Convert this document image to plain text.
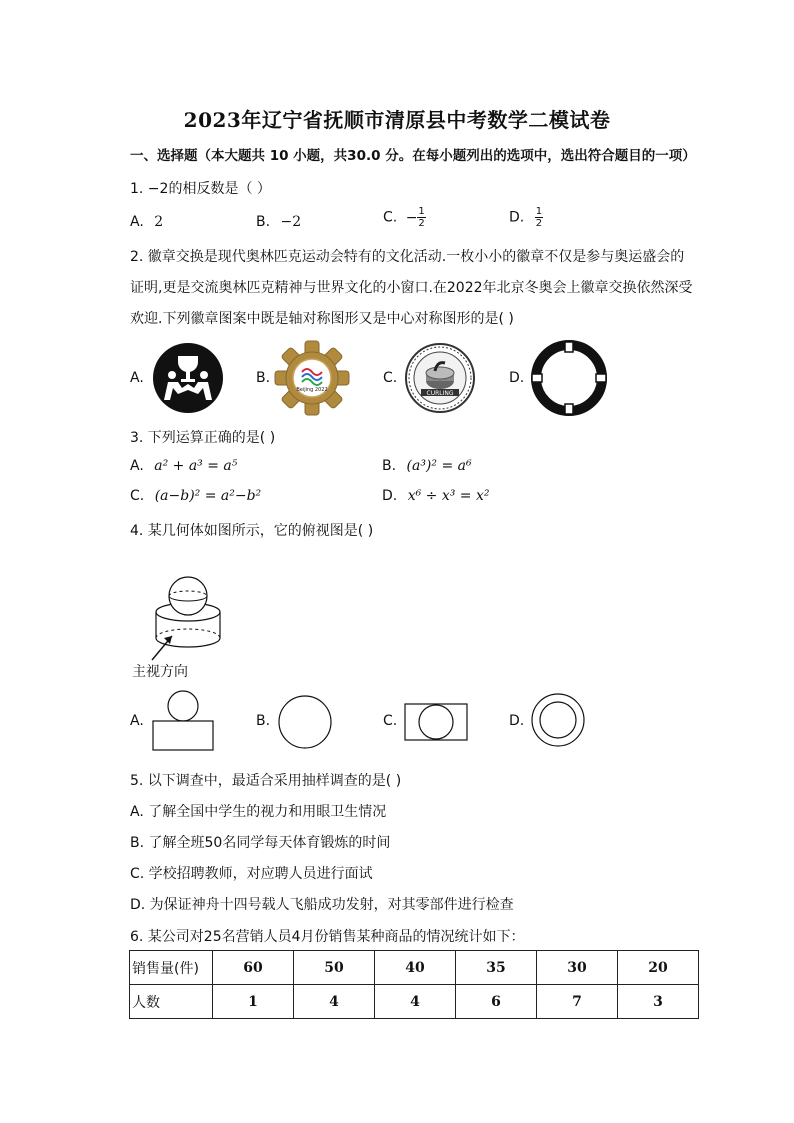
2023年辽宁省抚顺市清原县中考数学二模试卷
一、选择题（本大题共 10 小题，共30.0 分。在每小题列出的选项中，选出符合题目的一项）
1. −2的相反数是（ ）
A. 2	B. −2	C. − $\frac{1}{2}$	D. $\frac{1}{2}$
2. 徽章交换是现代奥林匹克运动会特有的文化活动.一枚小小的徽章不仅是参与奥运盛会的
证明,更是交流奥林匹克精神与世界文化的小窗口.在2022年北京冬奥会上徽章交换依然深受
欢迎.下列徽章图案中既是轴对称图形又是中心对称图形的是( )
A.	B.
Beijing 2022
C.
CURLING
D.
3. 下列运算正确的是( )
A. a² + a³ = a⁵	B. (a³)² = a⁶
C. (a−b)² = a²−b²	D. x⁶ ÷ x³ = x²
4. 某几何体如图所示，它的俯视图是( )
主视方向
A.	B.	C.	D.
5. 以下调查中，最适合采用抽样调查的是( )
A. 了解全国中学生的视力和用眼卫生情况
B. 了解全班50名同学每天体育锻炼的时间
C. 学校招聘教师，对应聘人员进行面试
D. 为保证神舟十四号载人飞船成功发射，对其零部件进行检查
6. 某公司对25名营销人员4月份销售某种商品的情况统计如下：
销售量(件)	60	50	40	35	30	20
人数	1	4	4	6	7	3
